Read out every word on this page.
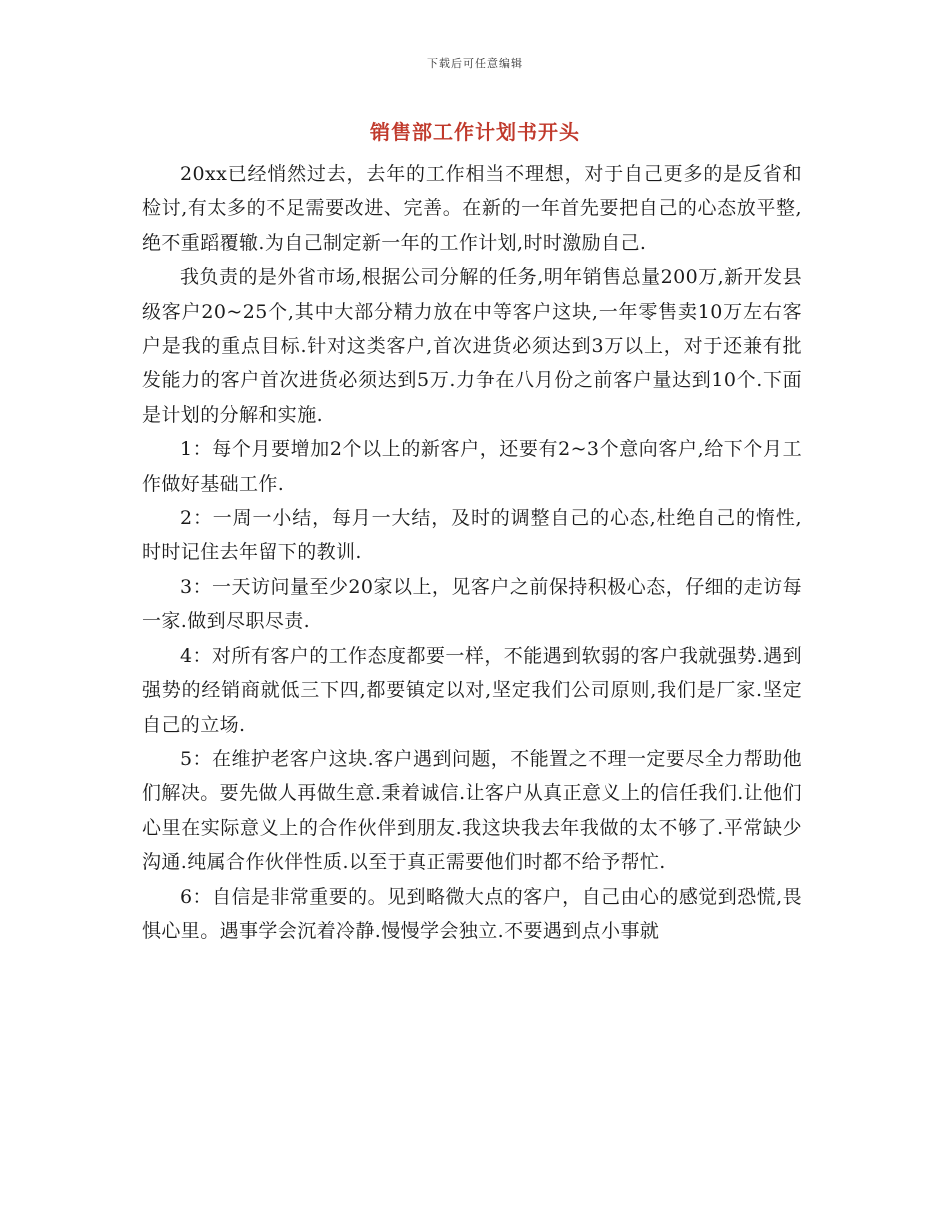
下载后可任意编辑
销售部工作计划书开头

20xx已经悄然过去，去年的工作相当不理想，对于自己更多的是反省和检讨,有太多的不足需要改进、完善。在新的一年首先要把自己的心态放平整,绝不重蹈覆辙.为自己制定新一年的工作计划,时时激励自己.

我负责的是外省市场,根据公司分解的任务,明年销售总量200万,新开发县级客户20~25个,其中大部分精力放在中等客户这块,一年零售卖10万左右客户是我的重点目标.针对这类客户,首次进货必须达到3万以上，对于还兼有批发能力的客户首次进货必须达到5万.力争在八月份之前客户量达到10个.下面是计划的分解和实施.

1：每个月要增加2个以上的新客户，还要有2~3个意向客户,给下个月工作做好基础工作.

2：一周一小结，每月一大结，及时的调整自己的心态,杜绝自己的惰性,时时记住去年留下的教训.

3：一天访问量至少20家以上，见客户之前保持积极心态，仔细的走访每一家.做到尽职尽责.

4：对所有客户的工作态度都要一样，不能遇到软弱的客户我就强势.遇到强势的经销商就低三下四,都要镇定以对,坚定我们公司原则,我们是厂家.坚定自己的立场.

5：在维护老客户这块.客户遇到问题，不能置之不理一定要尽全力帮助他们解决。要先做人再做生意.秉着诚信.让客户从真正意义上的信任我们.让他们心里在实际意义上的合作伙伴到朋友.我这块我去年我做的太不够了.平常缺少沟通.纯属合作伙伴性质.以至于真正需要他们时都不给予帮忙.

6：自信是非常重要的。见到略微大点的客户，自己由心的感觉到恐慌,畏惧心里。遇事学会沉着冷静.慢慢学会独立.不要遇到点小事就
